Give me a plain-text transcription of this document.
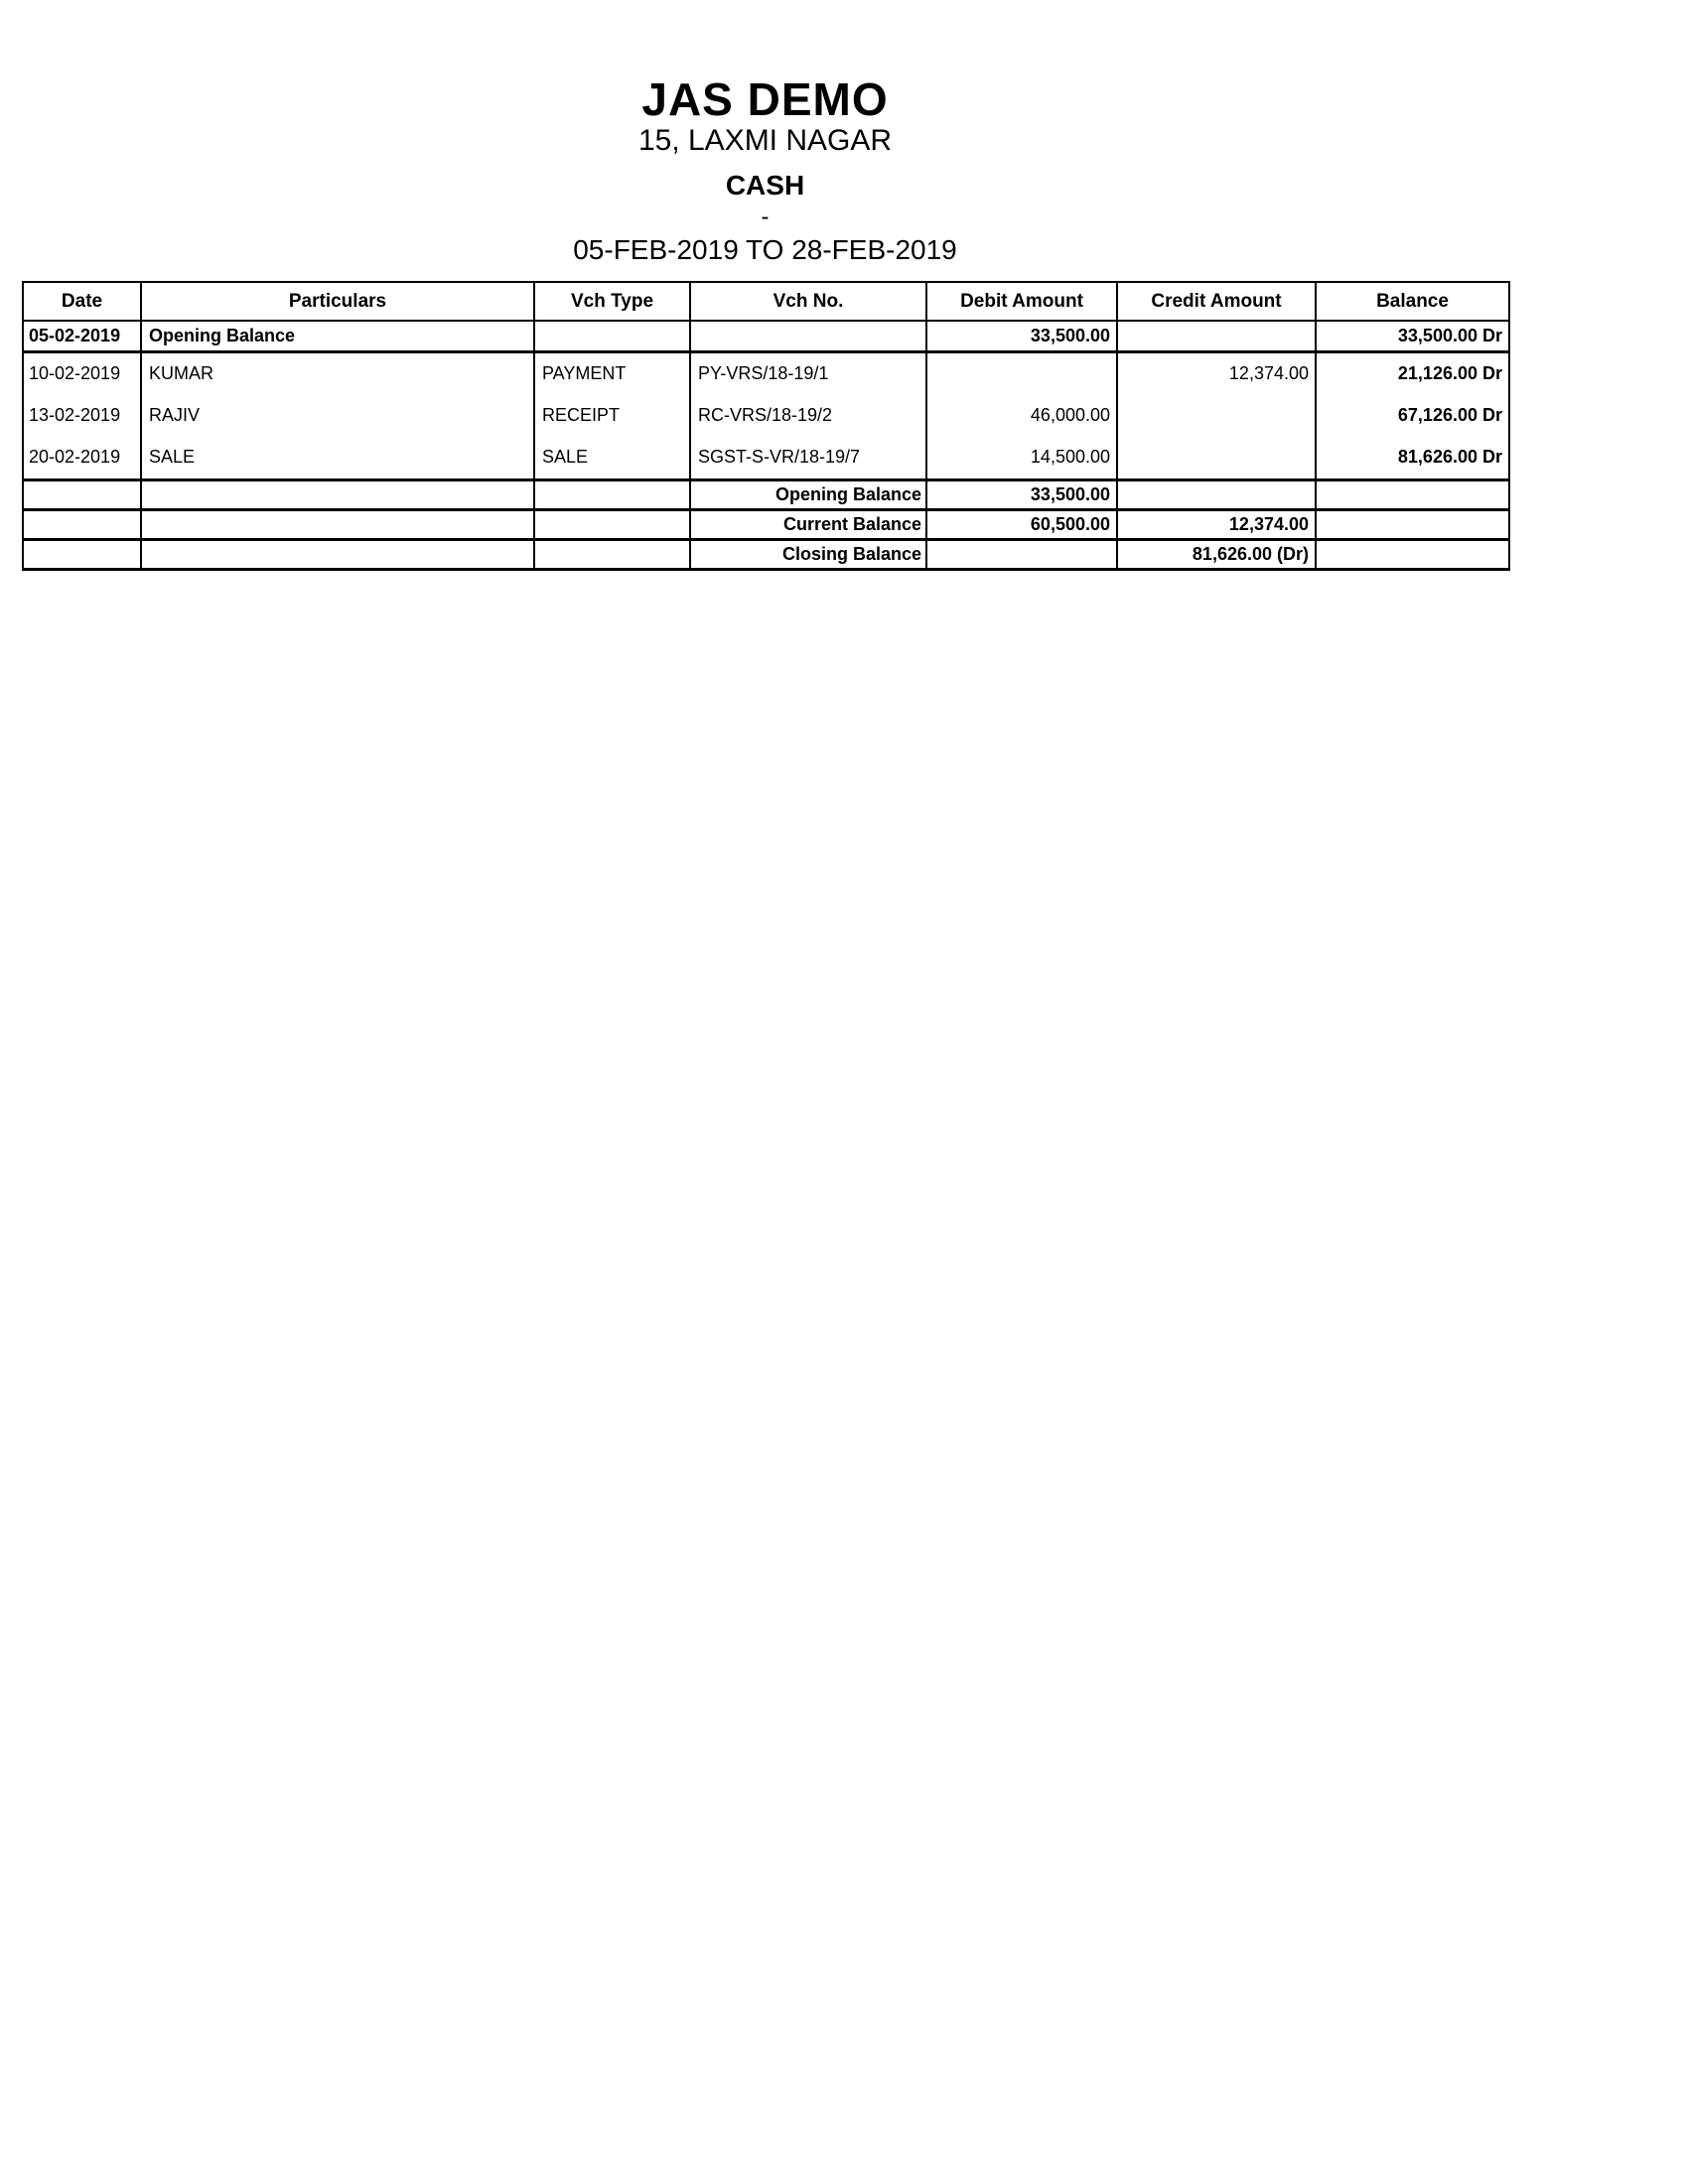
JAS DEMO
15, LAXMI NAGAR
CASH
-
05-FEB-2019 TO 28-FEB-2019
Date	Particulars	Vch Type	Vch No.	Debit Amount	Credit Amount	Balance
05-02-2019	Opening Balance			33,500.00		33,500.00 Dr
10-02-2019	KUMAR	PAYMENT	PY-VRS/18-19/1		12,374.00	21,126.00 Dr
13-02-2019	RAJIV	RECEIPT	RC-VRS/18-19/2	46,000.00		67,126.00 Dr
20-02-2019	SALE	SALE	SGST-S-VR/18-19/7	14,500.00		81,626.00 Dr
			Opening Balance	33,500.00		
			Current Balance	60,500.00	12,374.00	
			Closing Balance		81,626.00 (Dr)	
